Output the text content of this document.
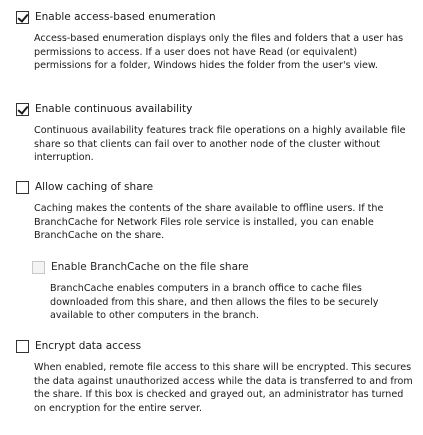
Enable access-based enumeration
Access-based enumeration displays only the files and folders that a user has permissions to access. If a user does not have Read (or equivalent) permissions for a folder, Windows hides the folder from the user's view.
Enable continuous availability
Continuous availability features track file operations on a highly available file share so that clients can fail over to another node of the cluster without interruption.
Allow caching of share
Caching makes the contents of the share available to offline users. If the BranchCache for Network Files role service is installed, you can enable BranchCache on the share.
Enable BranchCache on the file share
BranchCache enables computers in a branch office to cache files downloaded from this share, and then allows the files to be securely available to other computers in the branch.
Encrypt data access
When enabled, remote file access to this share will be encrypted. This secures the data against unauthorized access while the data is transferred to and from the share. If this box is checked and grayed out, an administrator has turned on encryption for the entire server.
